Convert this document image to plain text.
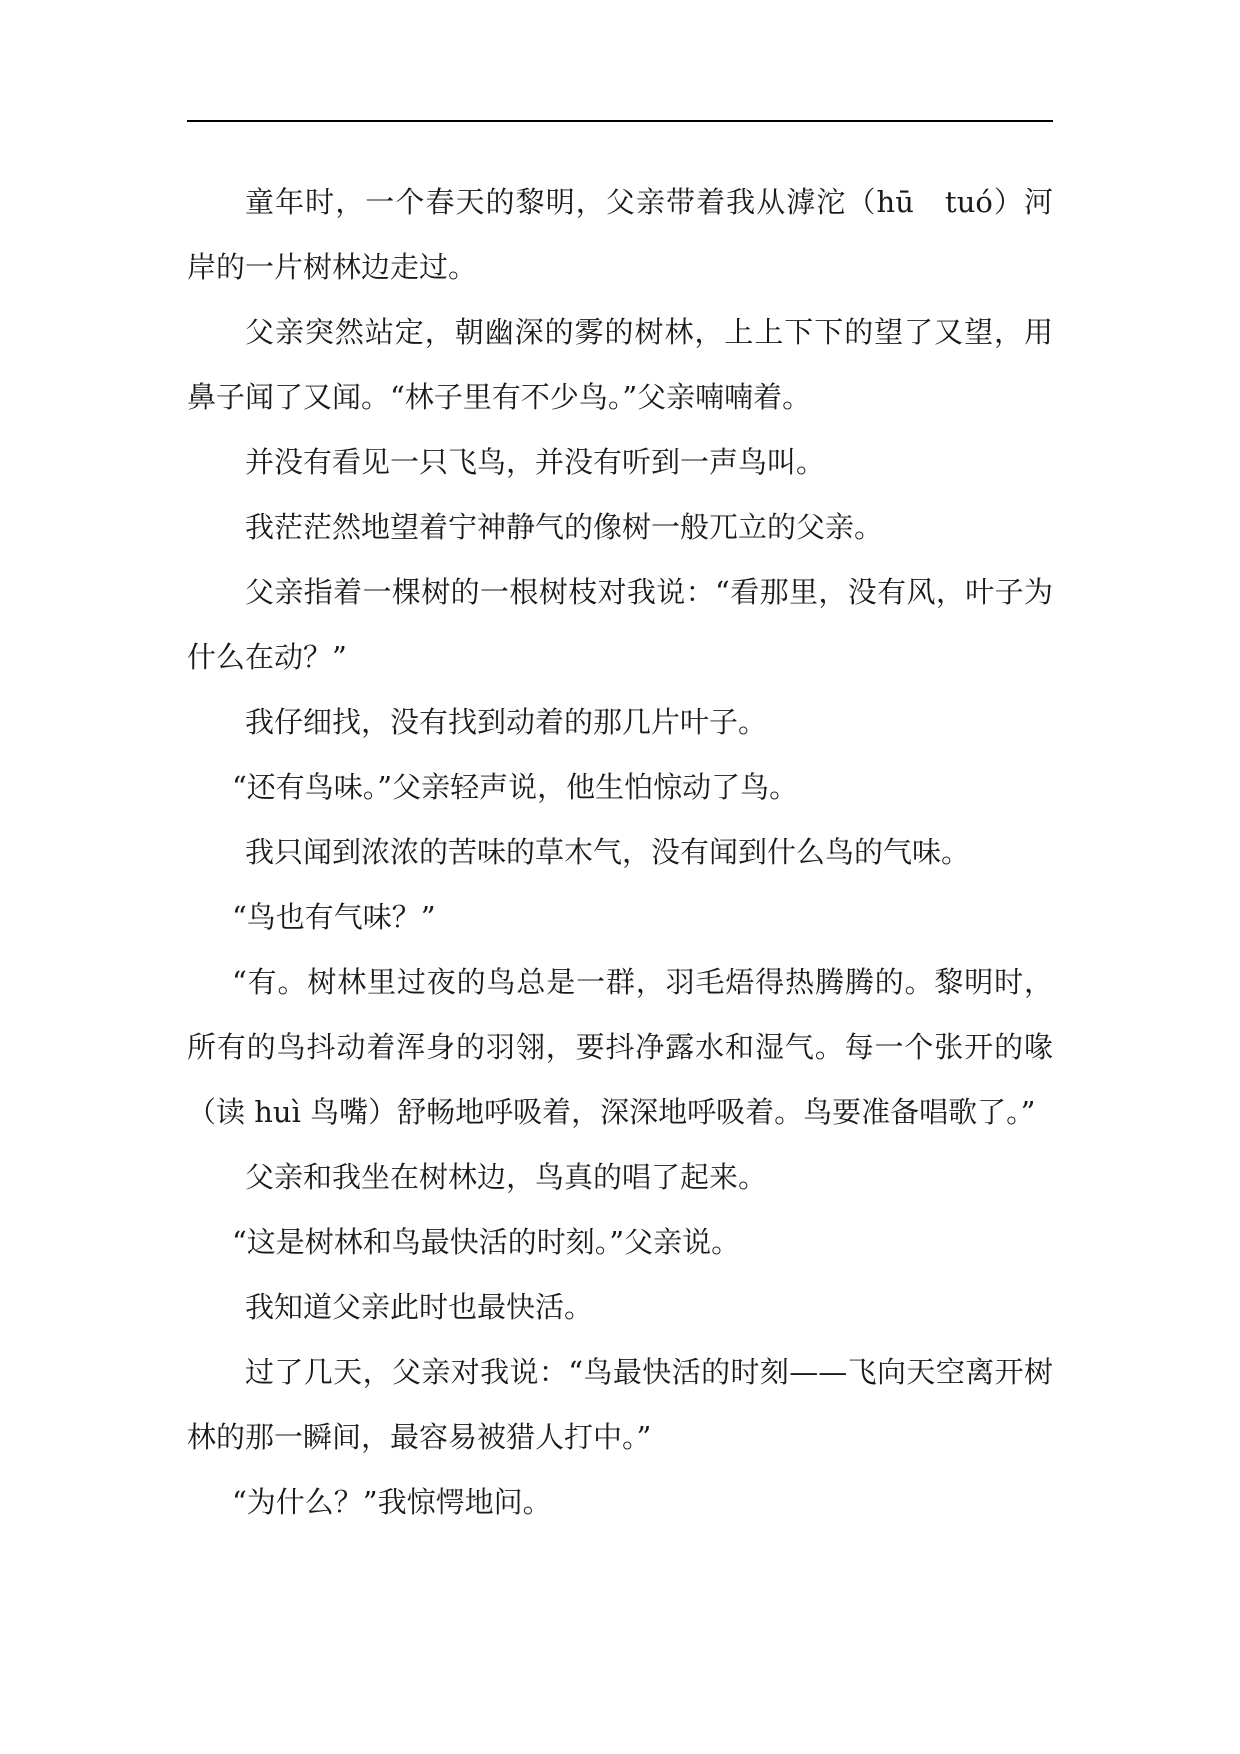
童年时，一个春天的黎明，父亲带着我从滹沱（hū　tuó）河岸的一片树林边走过。

父亲突然站定，朝幽深的雾的树林，上上下下的望了又望，用鼻子闻了又闻。“林子里有不少鸟。”父亲喃喃着。

并没有看见一只飞鸟，并没有听到一声鸟叫。

我茫茫然地望着宁神静气的像树一般兀立的父亲。

父亲指着一棵树的一根树枝对我说：“看那里，没有风，叶子为什么在动？”

我仔细找，没有找到动着的那几片叶子。

“还有鸟味。”父亲轻声说，他生怕惊动了鸟。

我只闻到浓浓的苦味的草木气，没有闻到什么鸟的气味。

“鸟也有气味？”

“有。树林里过夜的鸟总是一群，羽毛焐得热腾腾的。黎明时，所有的鸟抖动着浑身的羽翎，要抖净露水和湿气。每一个张开的喙（读 huì 鸟嘴）舒畅地呼吸着，深深地呼吸着。鸟要准备唱歌了。”

父亲和我坐在树林边，鸟真的唱了起来。

“这是树林和鸟最快活的时刻。”父亲说。

我知道父亲此时也最快活。

过了几天，父亲对我说：“鸟最快活的时刻——飞向天空离开树林的那一瞬间，最容易被猎人打中。”

“为什么？”我惊愕地问。
